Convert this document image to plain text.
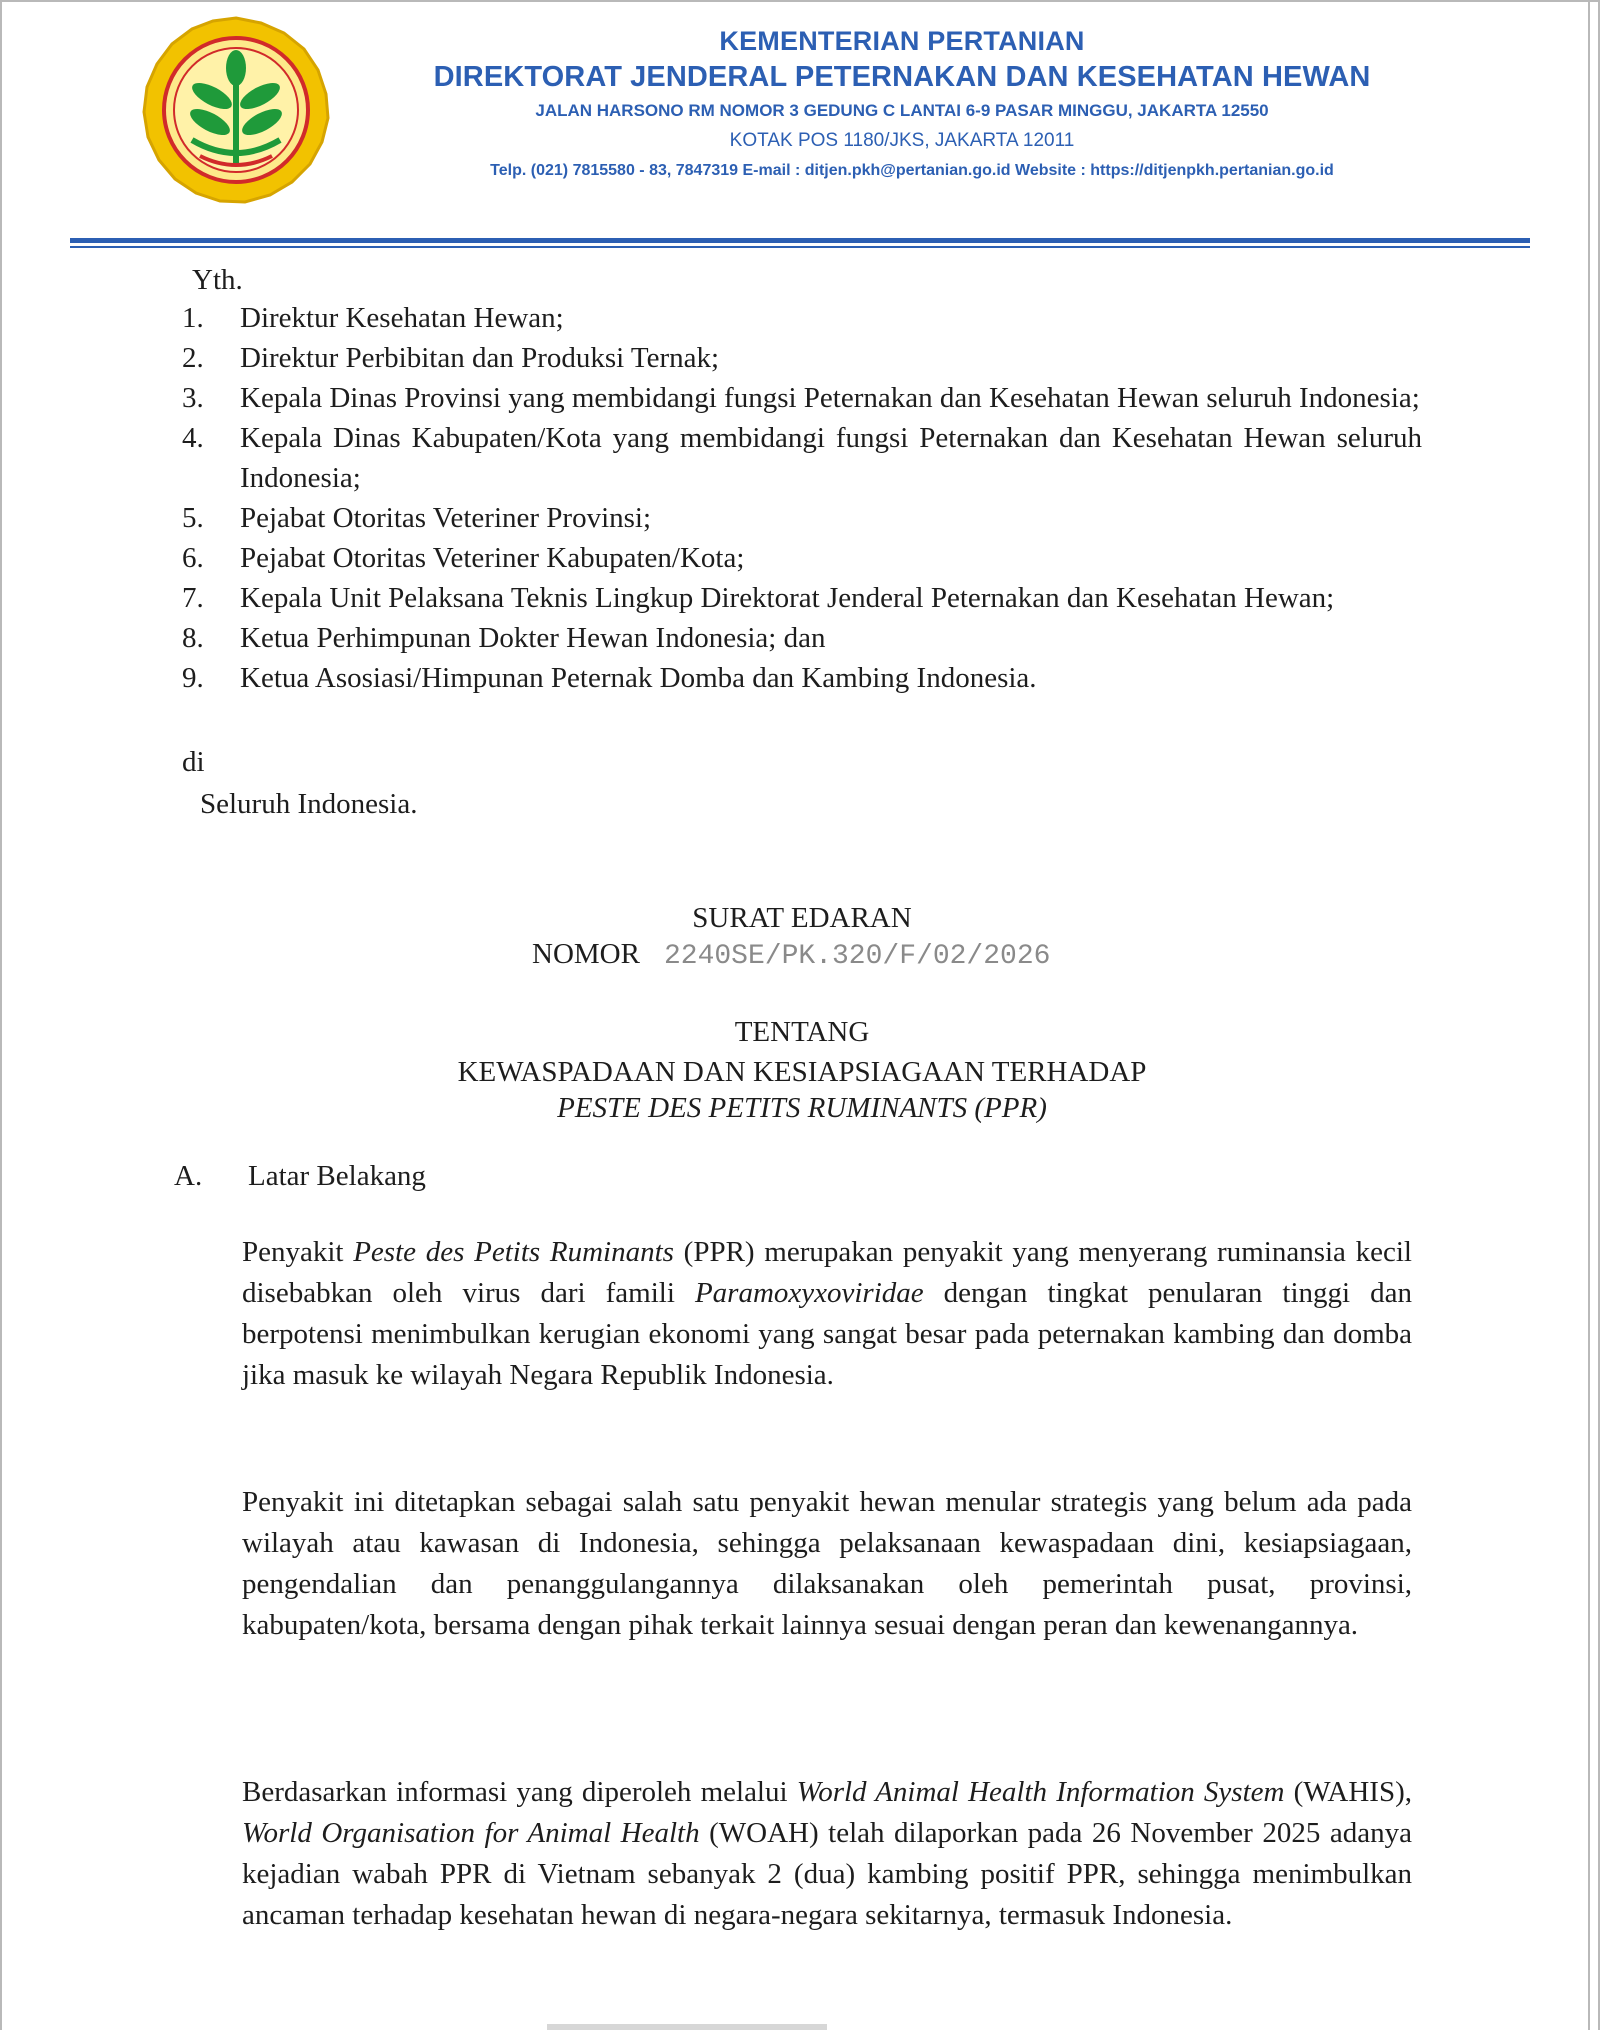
KEMENTERIAN PERTANIAN
DIREKTORAT JENDERAL PETERNAKAN DAN KESEHATAN HEWAN
JALAN HARSONO RM NOMOR 3 GEDUNG C LANTAI 6-9 PASAR MINGGU, JAKARTA 12550
KOTAK POS 1180/JKS, JAKARTA 12011
Telp. (021) 7815580 - 83, 7847319 E-mail : ditjen.pkh@pertanian.go.id Website : https://ditjenpkh.pertanian.go.id
Yth.
1.	Direktur Kesehatan Hewan;
2.	Direktur Perbibitan dan Produksi Ternak;
3.	Kepala Dinas Provinsi yang membidangi fungsi Peternakan dan Kesehatan Hewan seluruh Indonesia;
4.	Kepala Dinas Kabupaten/Kota yang membidangi fungsi Peternakan dan Kesehatan Hewan seluruh Indonesia;
5.	Pejabat Otoritas Veteriner Provinsi;
6.	Pejabat Otoritas Veteriner Kabupaten/Kota;
7.	Kepala Unit Pelaksana Teknis Lingkup Direktorat Jenderal Peternakan dan Kesehatan Hewan;
8.	Ketua Perhimpunan Dokter Hewan Indonesia; dan
9.	Ketua Asosiasi/Himpunan Peternak Domba dan Kambing Indonesia.
di
Seluruh Indonesia.
SURAT EDARAN
NOMOR 2240SE/PK.320/F/02/2026
TENTANG
KEWASPADAAN DAN KESIAPSIAGAAN TERHADAP
PESTE DES PETITS RUMINANTS (PPR)
A. Latar Belakang

Penyakit Peste des Petits Ruminants (PPR) merupakan penyakit yang menyerang ruminansia kecil disebabkan oleh virus dari famili Paramoxyxoviridae dengan tingkat penularan tinggi dan berpotensi menimbulkan kerugian ekonomi yang sangat besar pada peternakan kambing dan domba jika masuk ke wilayah Negara Republik Indonesia.

Penyakit ini ditetapkan sebagai salah satu penyakit hewan menular strategis yang belum ada pada wilayah atau kawasan di Indonesia, sehingga pelaksanaan kewaspadaan dini, kesiapsiagaan, pengendalian dan penanggulangannya dilaksanakan oleh pemerintah pusat, provinsi, kabupaten/kota, bersama dengan pihak terkait lainnya sesuai dengan peran dan kewenangannya.

Berdasarkan informasi yang diperoleh melalui World Animal Health Information System (WAHIS), World Organisation for Animal Health (WOAH) telah dilaporkan pada 26 November 2025 adanya kejadian wabah PPR di Vietnam sebanyak 2 (dua) kambing positif PPR, sehingga menimbulkan ancaman terhadap kesehatan hewan di negara-negara sekitarnya, termasuk Indonesia.
